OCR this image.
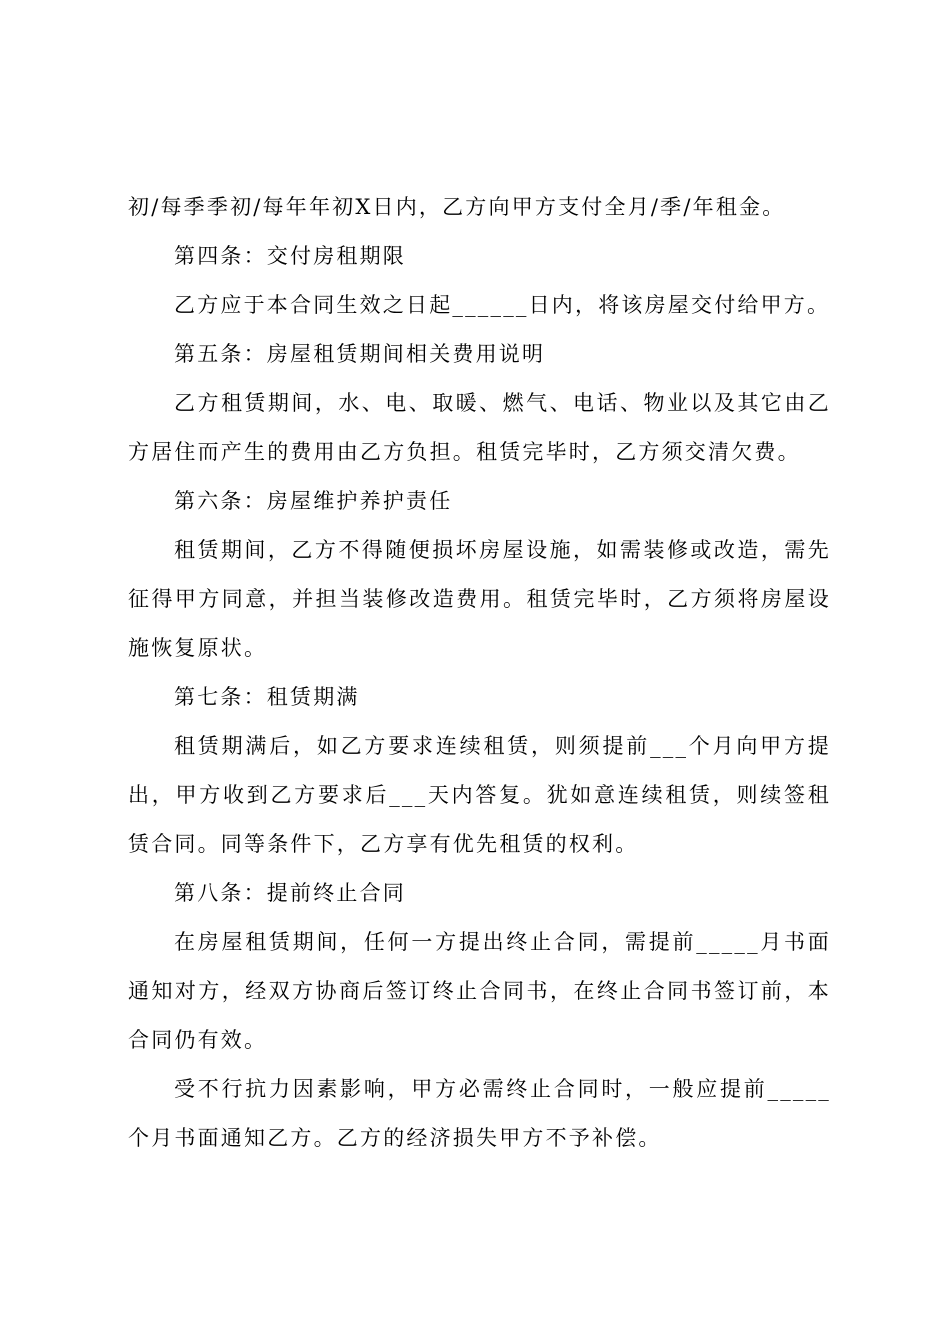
初/每季季初/每年年初X日内，乙方向甲方支付全月/季/年租金。

第四条：交付房租期限

乙方应于本合同生效之日起______日内，将该房屋交付给甲方。

第五条：房屋租赁期间相关费用说明

乙方租赁期间，水、电、取暖、燃气、电话、物业以及其它由乙方居住而产生的费用由乙方负担。租赁完毕时，乙方须交清欠费。

第六条：房屋维护养护责任

租赁期间，乙方不得随便损坏房屋设施，如需装修或改造，需先征得甲方同意，并担当装修改造费用。租赁完毕时，乙方须将房屋设施恢复原状。

第七条：租赁期满

租赁期满后，如乙方要求连续租赁，则须提前___个月向甲方提出，甲方收到乙方要求后___天内答复。犹如意连续租赁，则续签租赁合同。同等条件下，乙方享有优先租赁的权利。

第八条：提前终止合同

在房屋租赁期间，任何一方提出终止合同，需提前_____月书面通知对方，经双方协商后签订终止合同书，在终止合同书签订前，本合同仍有效。

受不行抗力因素影响，甲方必需终止合同时，一般应提前_____个月书面通知乙方。乙方的经济损失甲方不予补偿。
